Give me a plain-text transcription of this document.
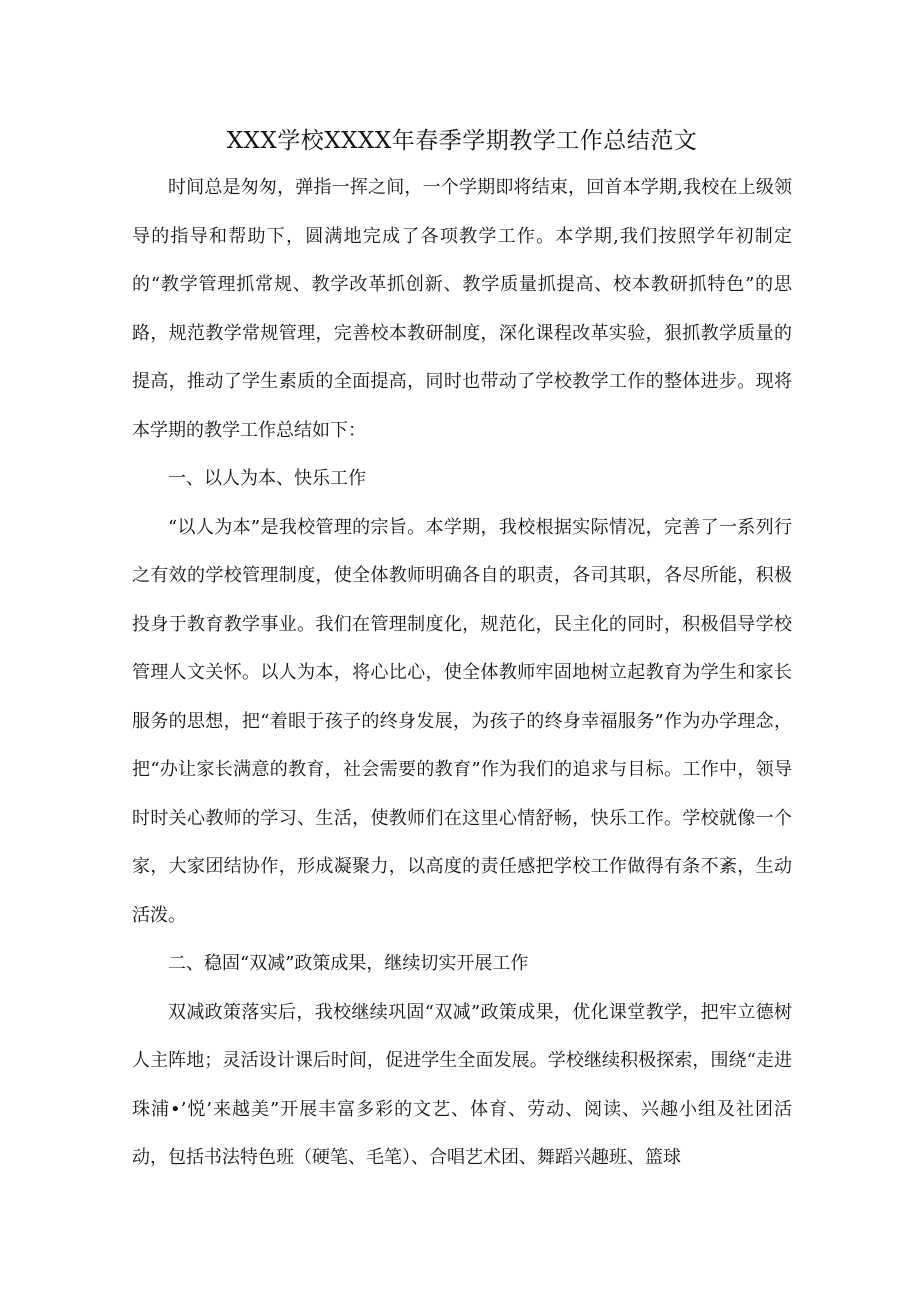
XXX学校XXXX年春季学期教学工作总结范文

时间总是匆匆，弹指一挥之间，一个学期即将结束，回首本学期,我校在上级领导的指导和帮助下，圆满地完成了各项教学工作。本学期,我们按照学年初制定的“教学管理抓常规、教学改革抓创新、教学质量抓提高、校本教研抓特色”的思路，规范教学常规管理，完善校本教研制度，深化课程改革实验，狠抓教学质量的提高，推动了学生素质的全面提高，同时也带动了学校教学工作的整体进步。现将本学期的教学工作总结如下：

一、以人为本、快乐工作

“以人为本”是我校管理的宗旨。本学期，我校根据实际情况，完善了一系列行之有效的学校管理制度，使全体教师明确各自的职责，各司其职，各尽所能，积极投身于教育教学事业。我们在管理制度化，规范化，民主化的同时，积极倡导学校管理人文关怀。以人为本，将心比心，使全体教师牢固地树立起教育为学生和家长服务的思想，把“着眼于孩子的终身发展，为孩子的终身幸福服务”作为办学理念，把“办让家长满意的教育，社会需要的教育”作为我们的追求与目标。工作中，领导时时关心教师的学习、生活，使教师们在这里心情舒畅，快乐工作。学校就像一个家，大家团结协作，形成凝聚力，以高度的责任感把学校工作做得有条不紊，生动活泼。

二、稳固“双减”政策成果，继续切实开展工作

双减政策落实后，我校继续巩固“双减”政策成果，优化课堂教学，把牢立德树人主阵地；灵活设计课后时间，促进学生全面发展。学校继续积极探索，围绕“走进珠浦•’悦’来越美”开展丰富多彩的文艺、体育、劳动、阅读、兴趣小组及社团活动，包括书法特色班（硬笔、毛笔）、合唱艺术团、舞蹈兴趣班、篮球
